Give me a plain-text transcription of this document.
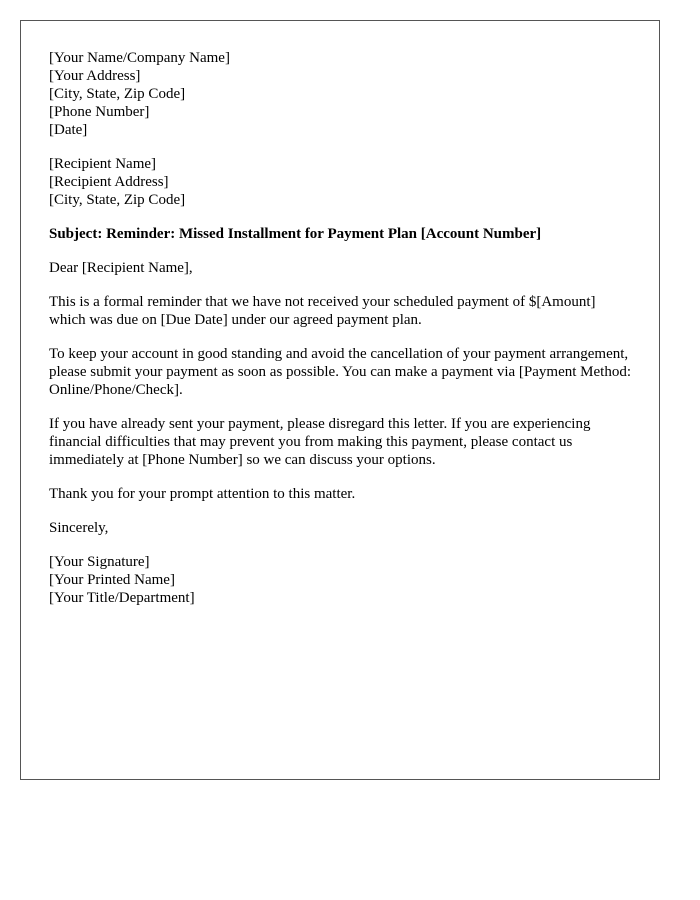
[Your Name/Company Name]
[Your Address]
[City, State, Zip Code]
[Phone Number]
[Date]
[Recipient Name]
[Recipient Address]
[City, State, Zip Code]

Subject: Reminder: Missed Installment for Payment Plan [Account Number]

Dear [Recipient Name],

This is a formal reminder that we have not received your scheduled payment of $[Amount] which was due on [Due Date] under our agreed payment plan.

To keep your account in good standing and avoid the cancellation of your payment arrangement, please submit your payment as soon as possible. You can make a payment via [Payment Method: Online/Phone/Check].

If you have already sent your payment, please disregard this letter. If you are experiencing financial difficulties that may prevent you from making this payment, please contact us immediately at [Phone Number] so we can discuss your options.

Thank you for your prompt attention to this matter.

Sincerely,

[Your Signature]
[Your Printed Name]
[Your Title/Department]
